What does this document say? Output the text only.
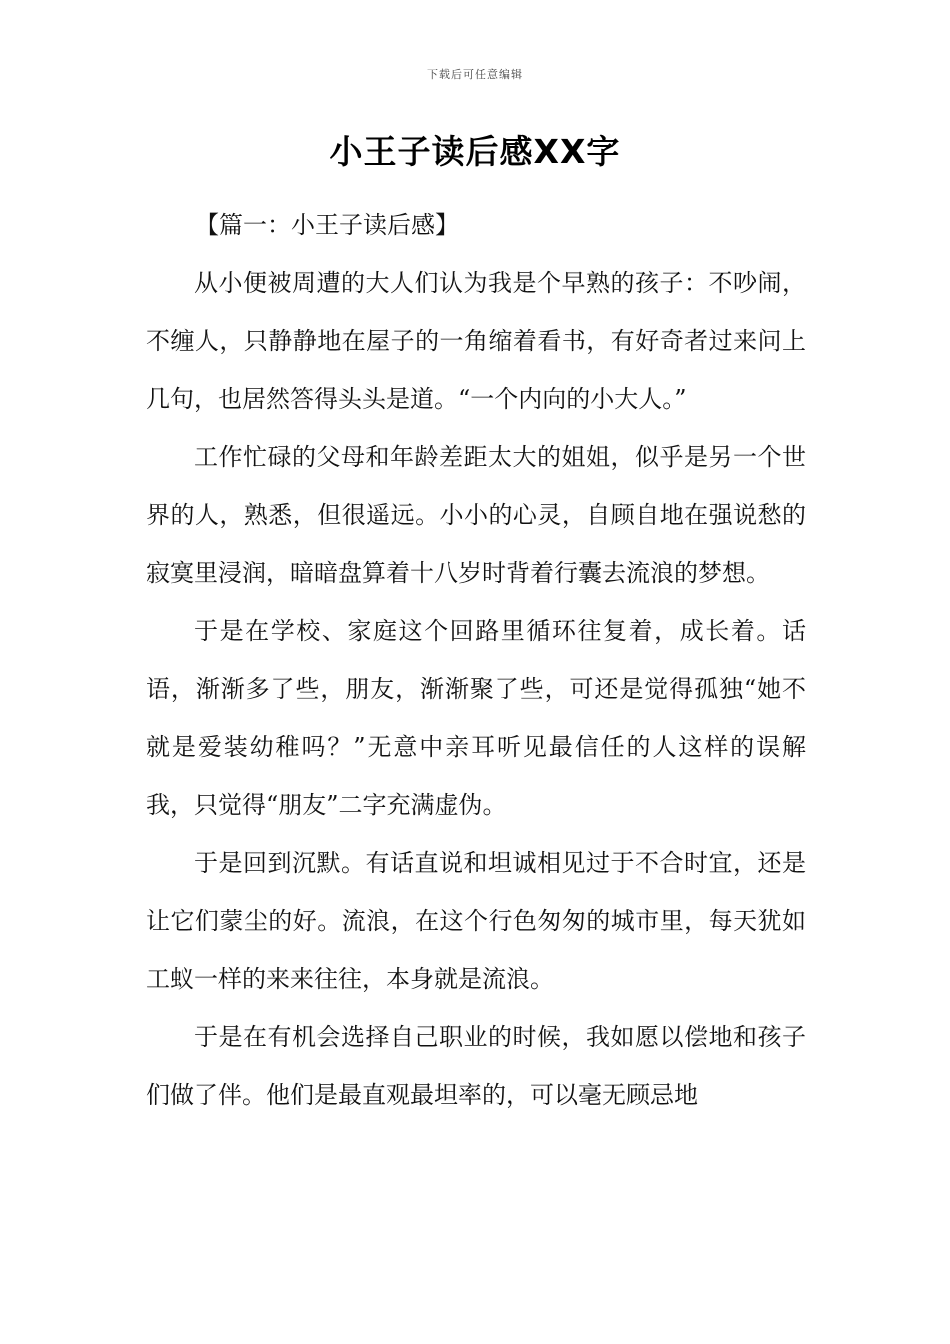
下载后可任意编辑
小王子读后感XX字
【篇一：小王子读后感】

从小便被周遭的大人们认为我是个早熟的孩子：不吵闹，不缠人，只静静地在屋子的一角缩着看书，有好奇者过来问上几句，也居然答得头头是道。“一个内向的小大人。”

工作忙碌的父母和年龄差距太大的姐姐，似乎是另一个世界的人，熟悉，但很遥远。小小的心灵，自顾自地在强说愁的寂寞里浸润，暗暗盘算着十八岁时背着行囊去流浪的梦想。

于是在学校、家庭这个回路里循环往复着，成长着。话语，渐渐多了些，朋友，渐渐聚了些，可还是觉得孤独“她不就是爱装幼稚吗？”无意中亲耳听见最信任的人这样的误解我，只觉得“朋友”二字充满虚伪。

于是回到沉默。有话直说和坦诚相见过于不合时宜，还是让它们蒙尘的好。流浪，在这个行色匆匆的城市里，每天犹如工蚁一样的来来往往，本身就是流浪。

于是在有机会选择自己职业的时候，我如愿以偿地和孩子们做了伴。他们是最直观最坦率的，可以毫无顾忌地
